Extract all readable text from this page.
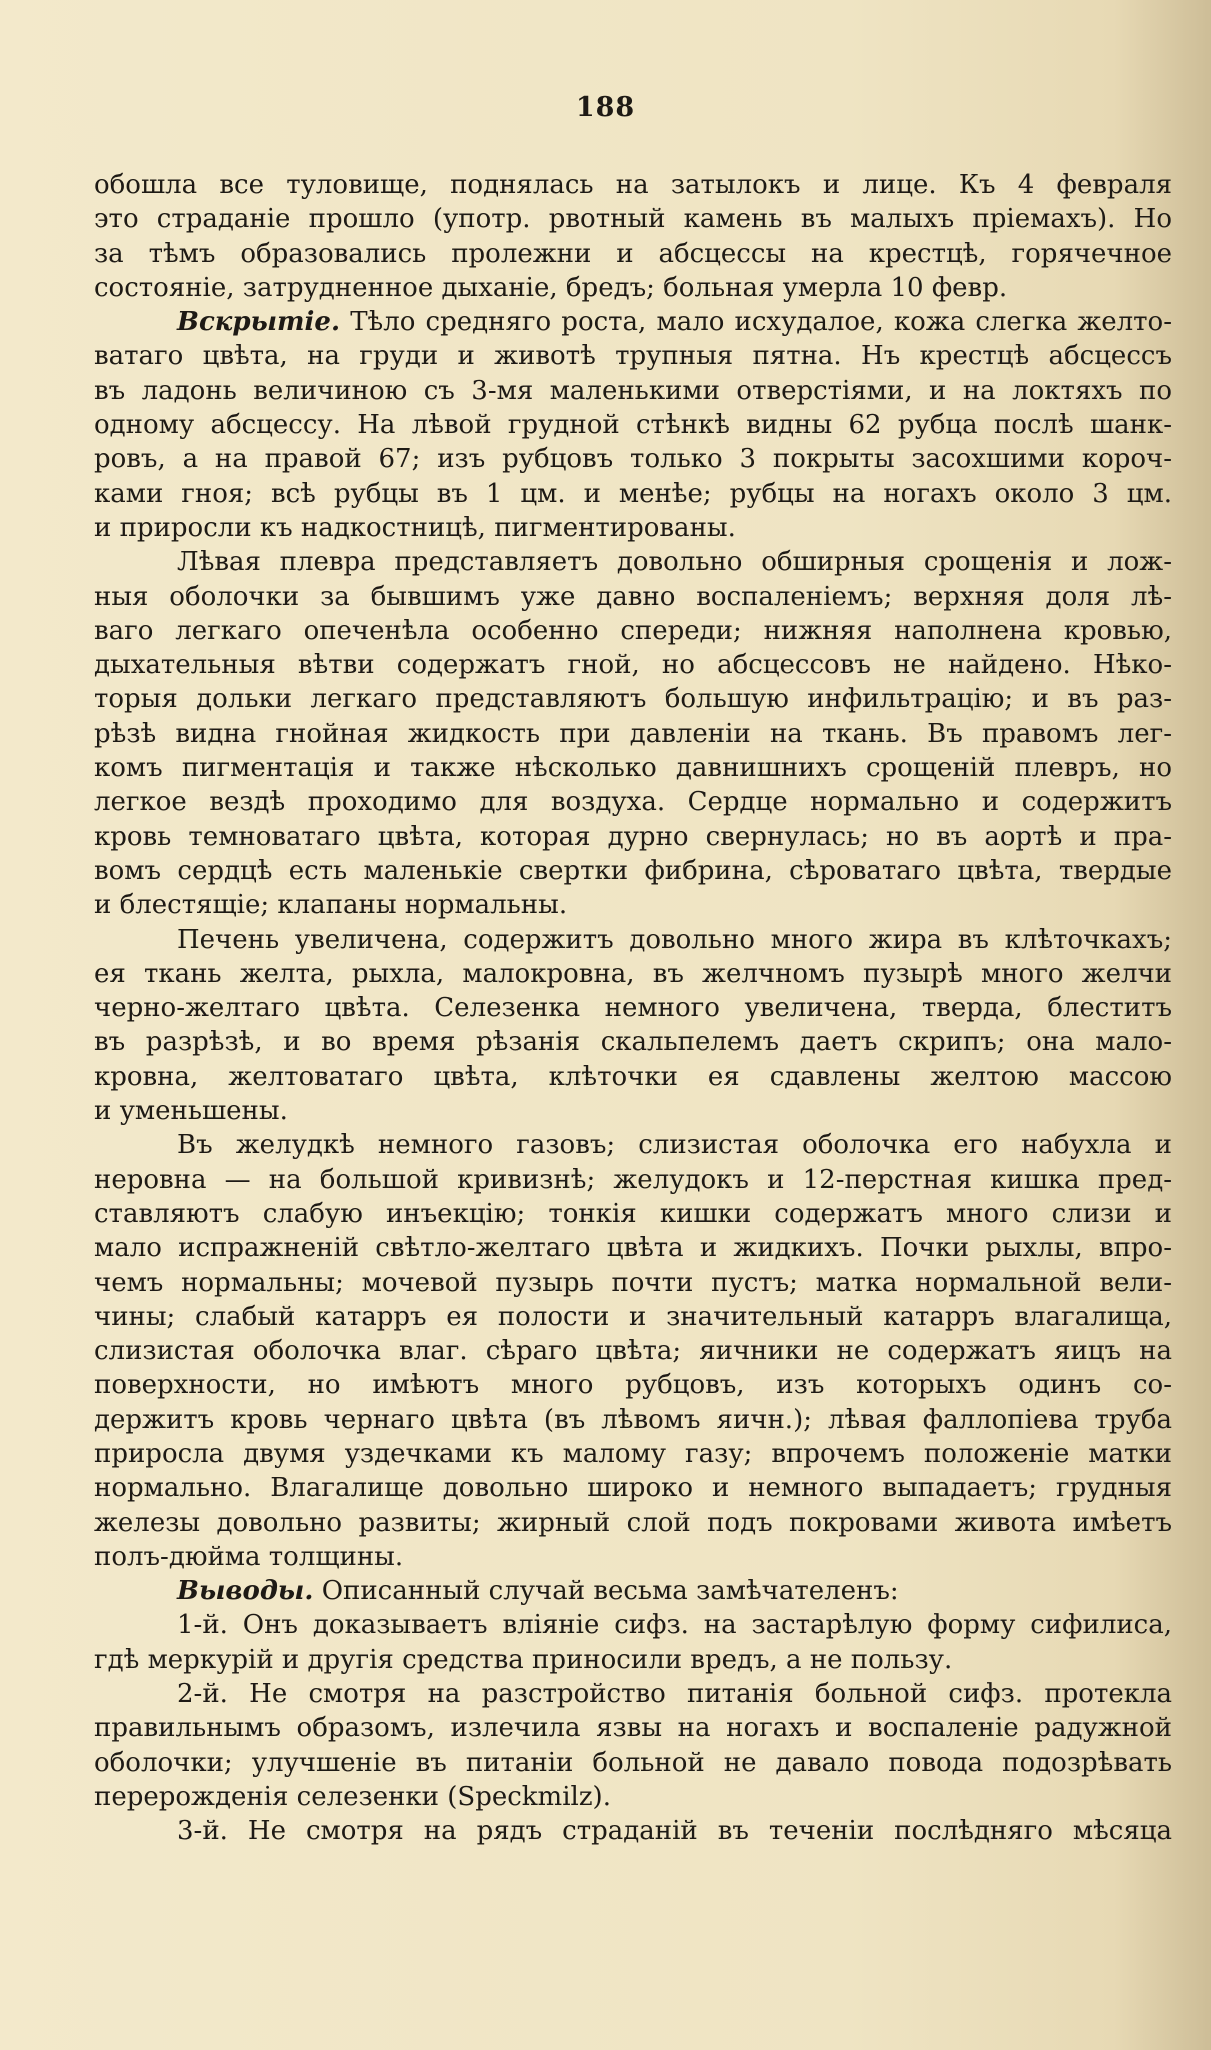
188
обошла все туловище, поднялась на затылокъ и лице. Къ 4 февраля
это страданіе прошло (употр. рвотный камень въ малыхъ пріемахъ). Но
за тѣмъ образовались пролежни и абсцессы на крестцѣ, горячечное
состояніе, затрудненное дыханіе, бредъ; больная умерла 10 февр.
Вскрытіе. Тѣло средняго роста, мало исхудалое, кожа слегка желто-
ватаго цвѣта, на груди и животѣ трупныя пятна. Нъ крестцѣ абсцессъ
въ ладонь величиною съ 3-мя маленькими отверстіями, и на локтяхъ по
одному абсцессу. На лѣвой грудной стѣнкѣ видны 62 рубца послѣ шанк-
ровъ, а на правой 67; изъ рубцовъ только 3 покрыты засохшими короч-
ками гноя; всѣ рубцы въ 1 цм. и менѣе; рубцы на ногахъ около 3 цм.
и приросли къ надкостницѣ, пигментированы.
Лѣвая плевра представляетъ довольно обширныя срощенія и лож-
ныя оболочки за бывшимъ уже давно воспаленіемъ; верхняя доля лѣ-
ваго легкаго опеченѣла особенно спереди; нижняя наполнена кровью,
дыхательныя вѣтви содержатъ гной, но абсцессовъ не найдено. Нѣко-
торыя дольки легкаго представляютъ большую инфильтрацію; и въ раз-
рѣзѣ видна гнойная жидкость при давленіи на ткань. Въ правомъ лег-
комъ пигментація и также нѣсколько давнишнихъ срощеній плевръ, но
легкое вездѣ проходимо для воздуха. Сердце нормально и содержитъ
кровь темноватаго цвѣта, которая дурно свернулась; но въ аортѣ и пра-
вомъ сердцѣ есть маленькіе свертки фибрина, сѣроватаго цвѣта, твердые
и блестящіе; клапаны нормальны.
Печень увеличена, содержитъ довольно много жира въ клѣточкахъ;
ея ткань желта, рыхла, малокровна, въ желчномъ пузырѣ много желчи
черно-желтаго цвѣта. Селезенка немного увеличена, тверда, блеститъ
въ разрѣзѣ, и во время рѣзанія скальпелемъ даетъ скрипъ; она мало-
кровна, желтоватаго цвѣта, клѣточки ея сдавлены желтою массою
и уменьшены.
Въ желудкѣ немного газовъ; слизистая оболочка его набухла и
неровна — на большой кривизнѣ; желудокъ и 12-перстная кишка пред-
ставляютъ слабую инъекцію; тонкія кишки содержатъ много слизи и
мало испражненій свѣтло-желтаго цвѣта и жидкихъ. Почки рыхлы, впро-
чемъ нормальны; мочевой пузырь почти пустъ; матка нормальной вели-
чины; слабый катарръ ея полости и значительный катарръ влагалища,
слизистая оболочка влаг. сѣраго цвѣта; яичники не содержатъ яицъ на
поверхности, но имѣютъ много рубцовъ, изъ которыхъ одинъ со-
держитъ кровь чернаго цвѣта (въ лѣвомъ яичн.); лѣвая фаллопіева труба
приросла двумя уздечками къ малому газу; впрочемъ положеніе матки
нормально. Влагалище довольно широко и немного выпадаетъ; грудныя
железы довольно развиты; жирный слой подъ покровами живота имѣетъ
полъ-дюйма толщины.
Выводы. Описанный случай весьма замѣчателенъ:
1-й. Онъ доказываетъ вліяніе сифз. на застарѣлую форму сифилиса,
гдѣ меркурій и другія средства приносили вредъ, а не пользу.
2-й. Не смотря на разстройство питанія больной сифз. протекла
правильнымъ образомъ, излечила язвы на ногахъ и воспаленіе радужной
оболочки; улучшеніе въ питаніи больной не давало повода подозрѣвать
перерожденія селезенки (Speckmilz).
3-й. Не смотря на рядъ страданій въ теченіи послѣдняго мѣсяца
